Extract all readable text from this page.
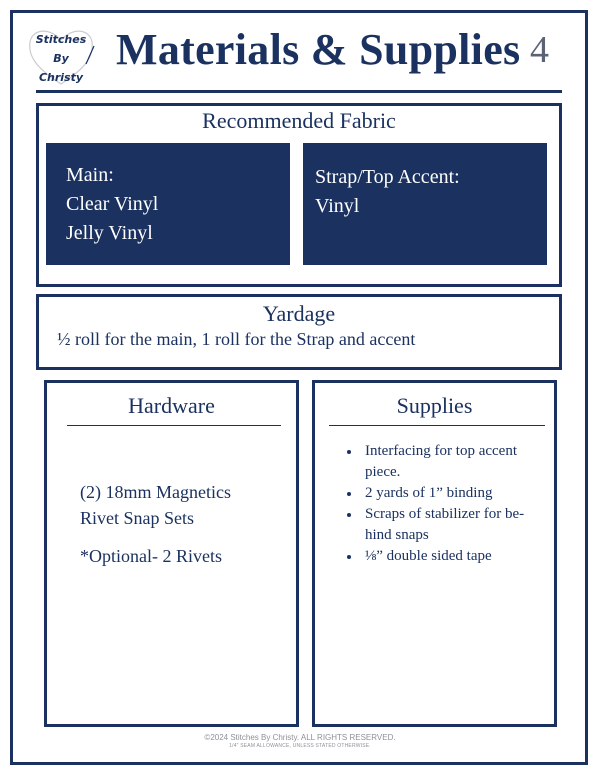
Stitches
By
Christy
Materials & Supplies 4
Recommended Fabric
Main:
Clear Vinyl
Jelly Vinyl
Strap/Top Accent:
Vinyl
Yardage
½ roll for the main, 1 roll for the Strap and accent
Hardware
(2) 18mm Magnetics Rivet Snap Sets
*Optional- 2 Rivets
Supplies
Interfacing for top accent piece.
2 yards of 1” binding
Scraps of stabilizer for be-hind snaps
⅛” double sided tape
©2024 Stitches By Christy. ALL RIGHTS RESERVED.
1/4" SEAM ALLOWANCE, UNLESS STATED OTHERWISE.
